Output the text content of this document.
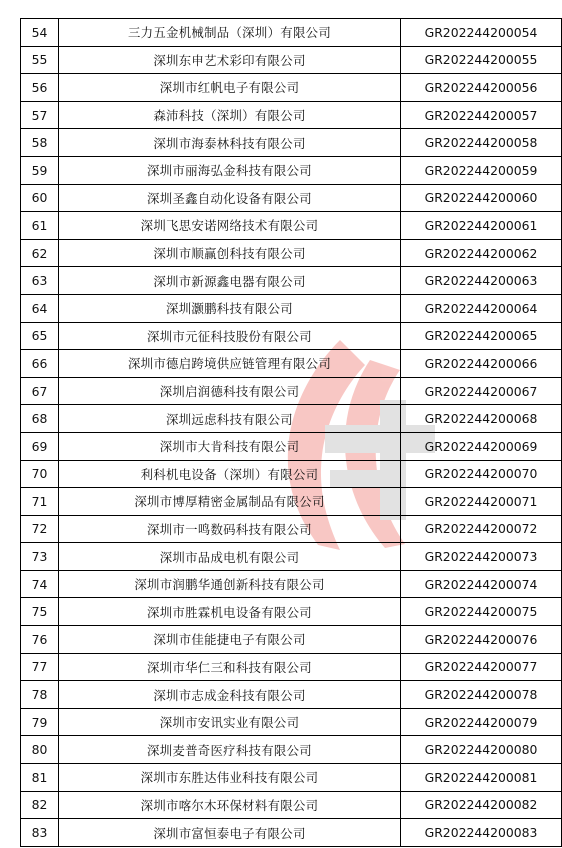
54	三力五金机械制品（深圳）有限公司	GR202244200054
55	深圳东申艺术彩印有限公司	GR202244200055
56	深圳市红帆电子有限公司	GR202244200056
57	森沛科技（深圳）有限公司	GR202244200057
58	深圳市海泰林科技有限公司	GR202244200058
59	深圳市丽海弘金科技有限公司	GR202244200059
60	深圳圣鑫自动化设备有限公司	GR202244200060
61	深圳飞思安诺网络技术有限公司	GR202244200061
62	深圳市顺赢创科技有限公司	GR202244200062
63	深圳市新源鑫电器有限公司	GR202244200063
64	深圳灏鹏科技有限公司	GR202244200064
65	深圳市元征科技股份有限公司	GR202244200065
66	深圳市德启跨境供应链管理有限公司	GR202244200066
67	深圳启润德科技有限公司	GR202244200067
68	深圳远虑科技有限公司	GR202244200068
69	深圳市大肯科技有限公司	GR202244200069
70	利科机电设备（深圳）有限公司	GR202244200070
71	深圳市博厚精密金属制品有限公司	GR202244200071
72	深圳市一鸣数码科技有限公司	GR202244200072
73	深圳市品成电机有限公司	GR202244200073
74	深圳市润鹏华通创新科技有限公司	GR202244200074
75	深圳市胜霖机电设备有限公司	GR202244200075
76	深圳市佳能捷电子有限公司	GR202244200076
77	深圳市华仁三和科技有限公司	GR202244200077
78	深圳市志成金科技有限公司	GR202244200078
79	深圳市安讯实业有限公司	GR202244200079
80	深圳麦普奇医疗科技有限公司	GR202244200080
81	深圳市东胜达伟业科技有限公司	GR202244200081
82	深圳市喀尔木环保材料有限公司	GR202244200082
83	深圳市富恒泰电子有限公司	GR202244200083
